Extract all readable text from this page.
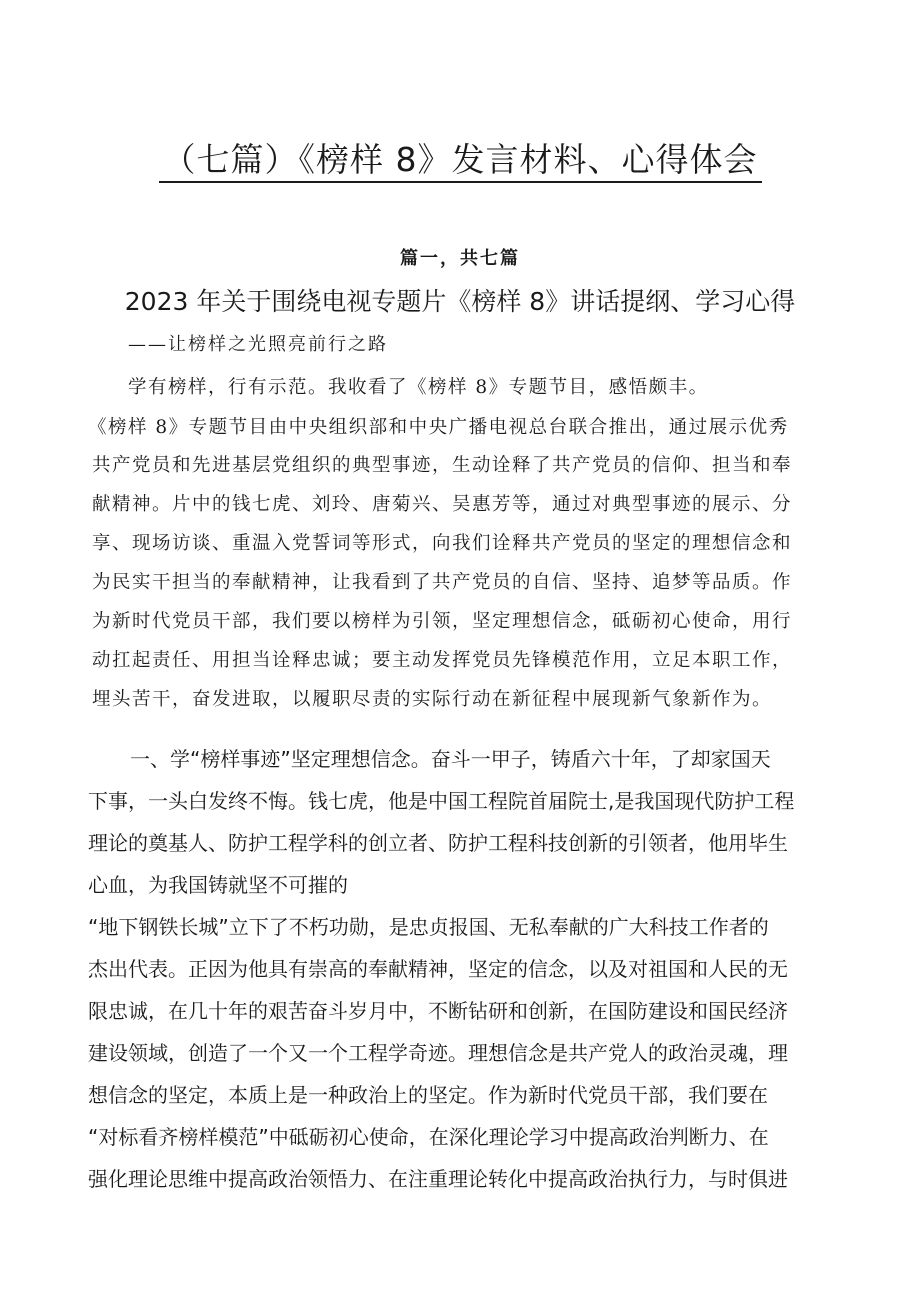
（七篇）《榜样 8》发言材料、心得体会
篇一，共七篇
2023 年关于围绕电视专题片《榜样 8》讲话提纲、学习心得
——让榜样之光照亮前行之路
学有榜样，行有示范。我收看了《榜样 8》专题节目，感悟颇丰。
《榜样 8》专题节目由中央组织部和中央广播电视总台联合推出，通过展示优秀
共产党员和先进基层党组织的典型事迹，生动诠释了共产党员的信仰、担当和奉
献精神。片中的钱七虎、刘玲、唐菊兴、吴惠芳等，通过对典型事迹的展示、分
享、现场访谈、重温入党誓词等形式，向我们诠释共产党员的坚定的理想信念和
为民实干担当的奉献精神，让我看到了共产党员的自信、坚持、追梦等品质。作
为新时代党员干部，我们要以榜样为引领，坚定理想信念，砥砺初心使命，用行
动扛起责任、用担当诠释忠诚；要主动发挥党员先锋模范作用，立足本职工作，
埋头苦干，奋发进取，以履职尽责的实际行动在新征程中展现新气象新作为。
一、学“榜样事迹”坚定理想信念。奋斗一甲子，铸盾六十年，了却家国天
下事，一头白发终不悔。钱七虎，他是中国工程院首届院士,是我国现代防护工程
理论的奠基人、防护工程学科的创立者、防护工程科技创新的引领者，他用毕生
心血，为我国铸就坚不可摧的
“地下钢铁长城”立下了不朽功勋，是忠贞报国、无私奉献的广大科技工作者的
杰出代表。正因为他具有崇高的奉献精神，坚定的信念，以及对祖国和人民的无
限忠诚，在几十年的艰苦奋斗岁月中，不断钻研和创新，在国防建设和国民经济
建设领域，创造了一个又一个工程学奇迹。理想信念是共产党人的政治灵魂，理
想信念的坚定，本质上是一种政治上的坚定。作为新时代党员干部，我们要在
“对标看齐榜样模范”中砥砺初心使命，在深化理论学习中提高政治判断力、在
强化理论思维中提高政治领悟力、在注重理论转化中提高政治执行力，与时俱进
